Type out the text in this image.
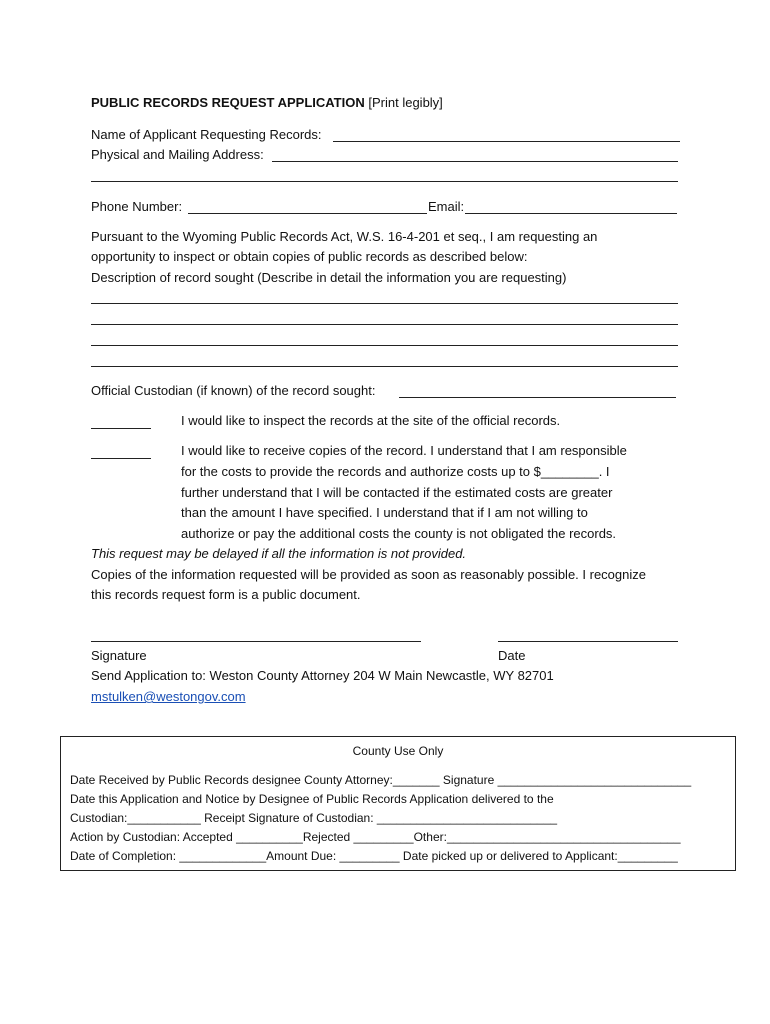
PUBLIC RECORDS REQUEST APPLICATION [Print legibly]
Name of Applicant Requesting Records:
Physical and Mailing Address:
Phone Number:	Email:
Pursuant to the Wyoming Public Records Act, W.S. 16-4-201 et seq., I am requesting an
opportunity to inspect or obtain copies of public records as described below:
Description of record sought (Describe in detail the information you are requesting)
Official Custodian (if known) of the record sought:
I would like to inspect the records at the site of the official records.
I would like to receive copies of the record. I understand that I am responsible
for the costs to provide the records and authorize costs up to $________. I
further understand that I will be contacted if the estimated costs are greater
than the amount I have specified. I understand that if I am not willing to
authorize or pay the additional costs the county is not obligated the records.
This request may be delayed if all the information is not provided.
Copies of the information requested will be provided as soon as reasonably possible. I recognize
this records request form is a public document.
Signature	Date
Send Application to: Weston County Attorney 204 W Main Newcastle, WY 82701
mstulken@westongov.com
County Use Only
Date Received by Public Records designee County Attorney:_______ Signature _____________________________
Date this Application and Notice by Designee of Public Records Application delivered to the
Custodian:___________ Receipt Signature of Custodian: ___________________________
Action by Custodian: Accepted __________Rejected _________Other:___________________________________
Date of Completion: _____________Amount Due: _________ Date picked up or delivered to Applicant:_________
